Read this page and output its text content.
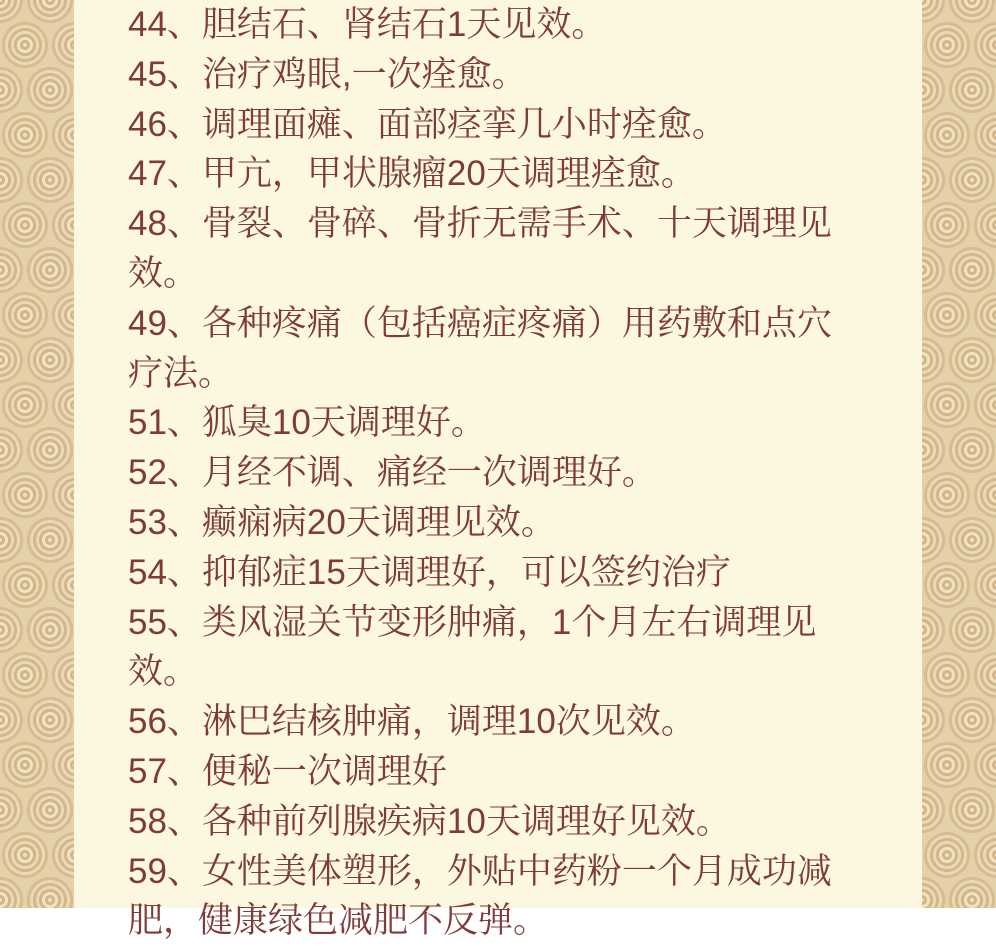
44、胆结石、肾结石1天见效。
45、治疗鸡眼,一次痊愈。
46、调理面瘫、面部痉挛几小时痊愈。
47、甲亢，甲状腺瘤20天调理痊愈。
48、骨裂、骨碎、骨折无需手术、十天调理见
效。
49、各种疼痛（包括癌症疼痛）用药敷和点穴
疗法。
51、狐臭10天调理好。
52、月经不调、痛经一次调理好。
53、癫痫病20天调理见效。
54、抑郁症15天调理好，可以签约治疗
55、类风湿关节变形肿痛，1个月左右调理见
效。
56、淋巴结核肿痛，调理10次见效。
57、便秘一次调理好
58、各种前列腺疾病10天调理好见效。
59、女性美体塑形，外贴中药粉一个月成功减
肥，健康绿色减肥不反弹。
